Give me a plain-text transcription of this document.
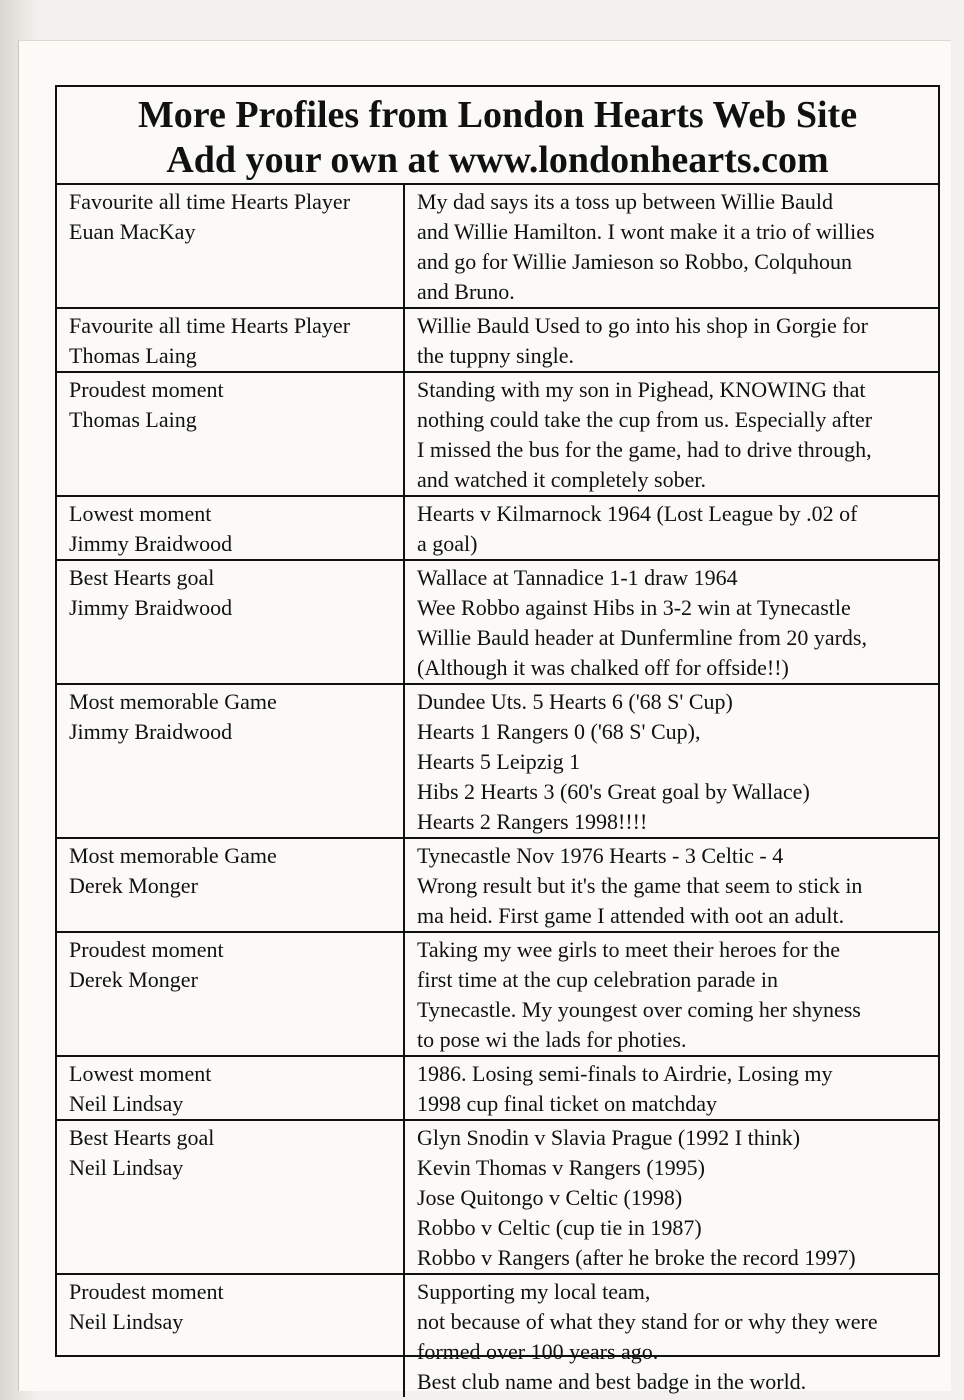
More Profiles from London Hearts Web Site
Add your own at www.londonhearts.com
Favourite all time Hearts Player
Euan MacKay
My dad says its a toss up between Willie Bauld
and Willie Hamilton. I wont make it a trio of willies
and go for Willie Jamieson so Robbo, Colquhoun
and Bruno.
Favourite all time Hearts Player
Thomas Laing
Willie Bauld Used to go into his shop in Gorgie for
the tuppny single.
Proudest moment
Thomas Laing
Standing with my son in Pighead, KNOWING that
nothing could take the cup from us. Especially after
I missed the bus for the game, had to drive through,
and watched it completely sober.
Lowest moment
Jimmy Braidwood
Hearts v Kilmarnock 1964 (Lost League by .02 of
a goal)
Best Hearts goal
Jimmy Braidwood
Wallace at Tannadice 1-1 draw 1964
Wee Robbo against Hibs in 3-2 win at Tynecastle
Willie Bauld header at Dunfermline from 20 yards,
(Although it was chalked off for offside!!)
Most memorable Game
Jimmy Braidwood
Dundee Uts. 5 Hearts 6 ('68 S' Cup)
Hearts 1 Rangers 0 ('68 S' Cup),
Hearts 5 Leipzig 1
Hibs 2 Hearts 3 (60's Great goal by Wallace)
Hearts 2 Rangers 1998!!!!
Most memorable Game
Derek Monger
Tynecastle Nov 1976 Hearts - 3 Celtic - 4
Wrong result but it's the game that seem to stick in
ma heid. First game I attended with oot an adult.
Proudest moment
Derek Monger
Taking my wee girls to meet their heroes for the
first time at the cup celebration parade in
Tynecastle. My youngest over coming her shyness
to pose wi the lads for photies.
Lowest moment
Neil Lindsay
1986. Losing semi-finals to Airdrie, Losing my
1998 cup final ticket on matchday
Best Hearts goal
Neil Lindsay
Glyn Snodin v Slavia Prague (1992 I think)
Kevin Thomas v Rangers (1995)
Jose Quitongo v Celtic (1998)
Robbo v Celtic (cup tie in 1987)
Robbo v Rangers (after he broke the record 1997)
Proudest moment
Neil Lindsay
Supporting my local team,
not because of what they stand for or why they were
formed over 100 years ago.
Best club name and best badge in the world.
